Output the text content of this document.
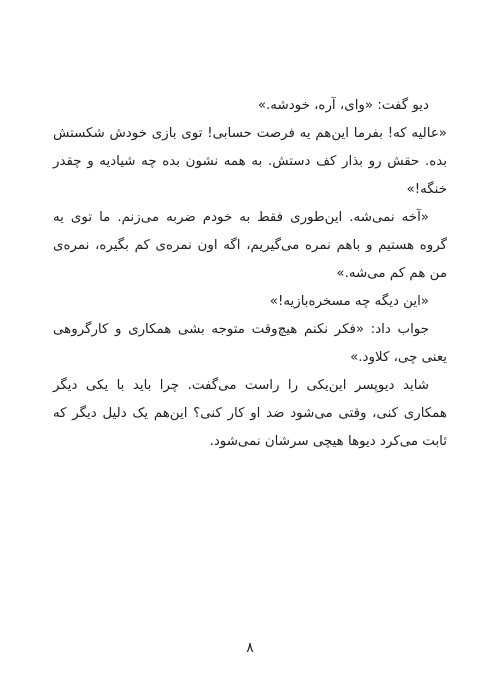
دیو گفت: «وای، آره، خودشه.»

«عالیه که! بفرما این‌هم یه فرصت حسابی! توی بازی خودش شکستش بده. حقش رو بذار کف دستش. به همه نشون بده چه شیادیه و چقدر خنگه!»

«آخه نمی‌شه. این‌طوری فقط به خودم ضربه می‌زنم. ما توی یه گروه هستیم و باهم نمره می‌گیریم، اگه اون نمره‌ی کم بگیره، نمره‌ی من هم کم می‌شه.»

«این دیگه چه مسخره‌بازیه!»

جواب داد: «فکر نکنم هیچ‌وقت متوجه بشی همکاری و کارگروهی یعنی چی، کلاود.»

شاید دیوپسر این‌یکی را راست می‌گفت. چرا باید با یکی دیگر همکاری کنی، وقتی می‌شود ضد او کار کنی؟ این‌هم یک دلیل دیگر که ثابت می‌کرد دیوها هیچی سرشان نمی‌شود.

۸
